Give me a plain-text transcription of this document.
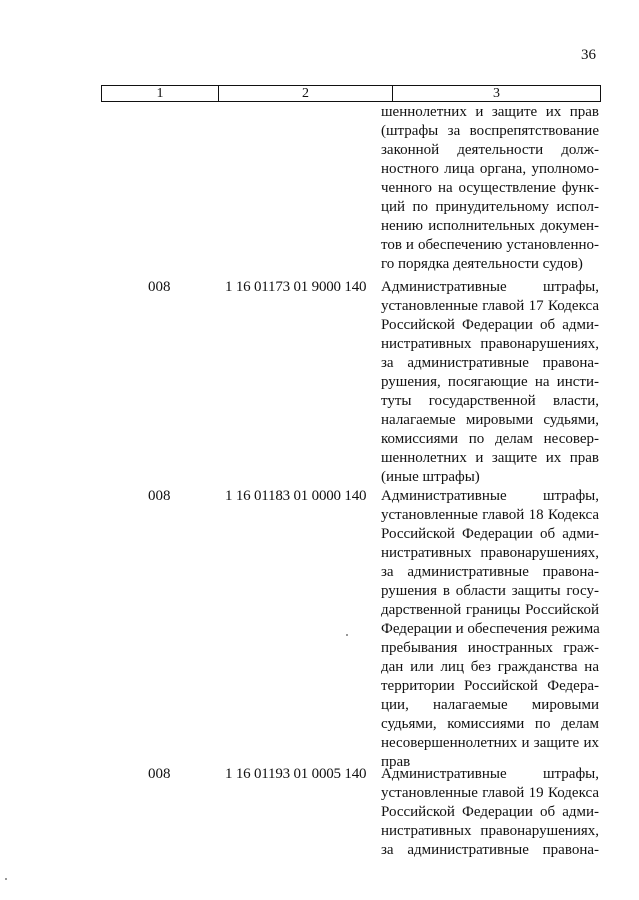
36
1	2	3
шеннолетних и защите их прав
(штрафы за воспрепятствование
законной деятельности долж-
ностного лица органа, уполномо-
ченного на осуществление функ-
ций по принудительному испол-
нению исполнительных докумен-
тов и обеспечению установленно-
го порядка деятельности судов)
008	1 16 01173 01 9000 140 Административные штрафы,
установленные главой 17 Кодекса
Российской Федерации об адми-
нистративных правонарушениях,
за административные правона-
рушения, посягающие на инсти-
туты государственной власти,
налагаемые мировыми судьями,
комиссиями по делам несовер-
шеннолетних и защите их прав
(иные штрафы)
008	1 16 01183 01 0000 140 Административные штрафы,
установленные главой 18 Кодекса
Российской Федерации об адми-
нистративных правонарушениях,
за административные правона-
рушения в области защиты госу-
дарственной границы Российской
Федерации и обеспечения режима
пребывания иностранных граж-
дан или лиц без гражданства на
территории Российской Федера-
ции, налагаемые мировыми
судьями, комиссиями по делам
несовершеннолетних и защите их
прав
008	1 16 01193 01 0005 140 Административные штрафы,
установленные главой 19 Кодекса
Российской Федерации об адми-
нистративных правонарушениях,
за административные правона-
